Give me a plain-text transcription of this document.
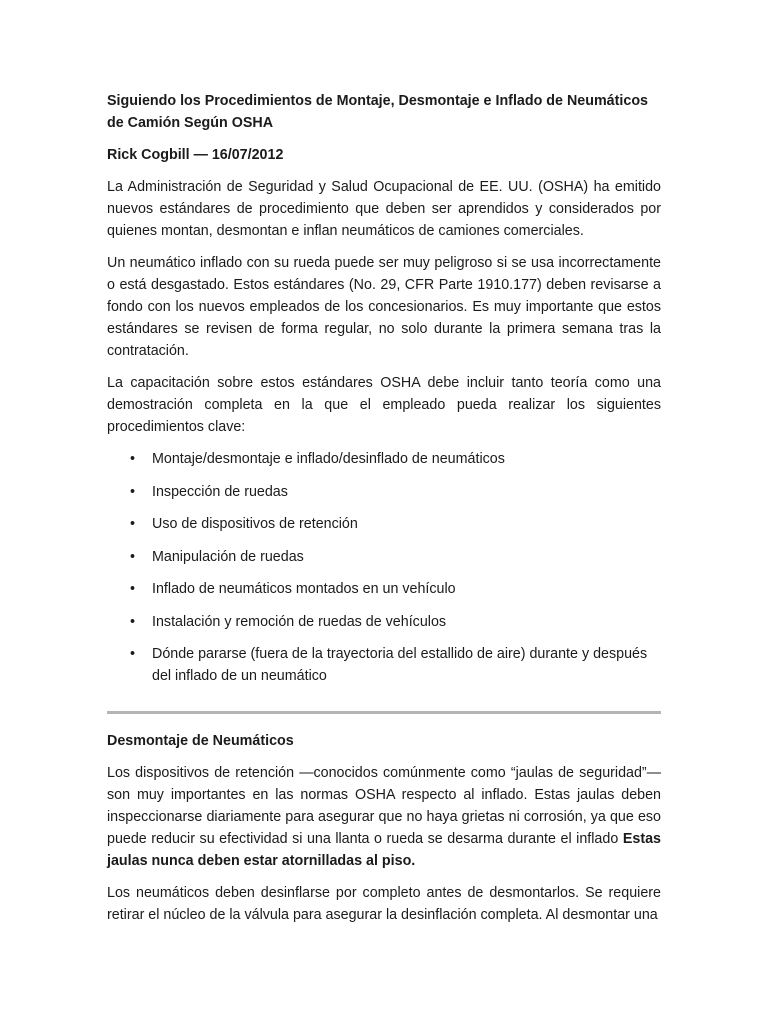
Siguiendo los Procedimientos de Montaje, Desmontaje e Inflado de Neumáticos de Camión Según OSHA
Rick Cogbill — 16/07/2012

La Administración de Seguridad y Salud Ocupacional de EE. UU. (OSHA) ha emitido nuevos estándares de procedimiento que deben ser aprendidos y considerados por quienes montan, desmontan e inflan neumáticos de camiones comerciales.

Un neumático inflado con su rueda puede ser muy peligroso si se usa incorrectamente o está desgastado. Estos estándares (No. 29, CFR Parte 1910.177) deben revisarse a fondo con los nuevos empleados de los concesionarios. Es muy importante que estos estándares se revisen de forma regular, no solo durante la primera semana tras la contratación.

La capacitación sobre estos estándares OSHA debe incluir tanto teoría como una demostración completa en la que el empleado pueda realizar los siguientes procedimientos clave:

• Montaje/desmontaje e inflado/desinflado de neumáticos
• Inspección de ruedas
• Uso de dispositivos de retención
• Manipulación de ruedas
• Inflado de neumáticos montados en un vehículo
• Instalación y remoción de ruedas de vehículos
• Dónde pararse (fuera de la trayectoria del estallido de aire) durante y después del inflado de un neumático
Desmontaje de Neumáticos

Los dispositivos de retención —conocidos comúnmente como “jaulas de seguridad”— son muy importantes en las normas OSHA respecto al inflado. Estas jaulas deben inspeccionarse diariamente para asegurar que no haya grietas ni corrosión, ya que eso puede reducir su efectividad si una llanta o rueda se desarma durante el inflado Estas jaulas nunca deben estar atornilladas al piso.

Los neumáticos deben desinflarse por completo antes de desmontarlos. Se requiere retirar el núcleo de la válvula para asegurar la desinflación completa. Al desmontar una
